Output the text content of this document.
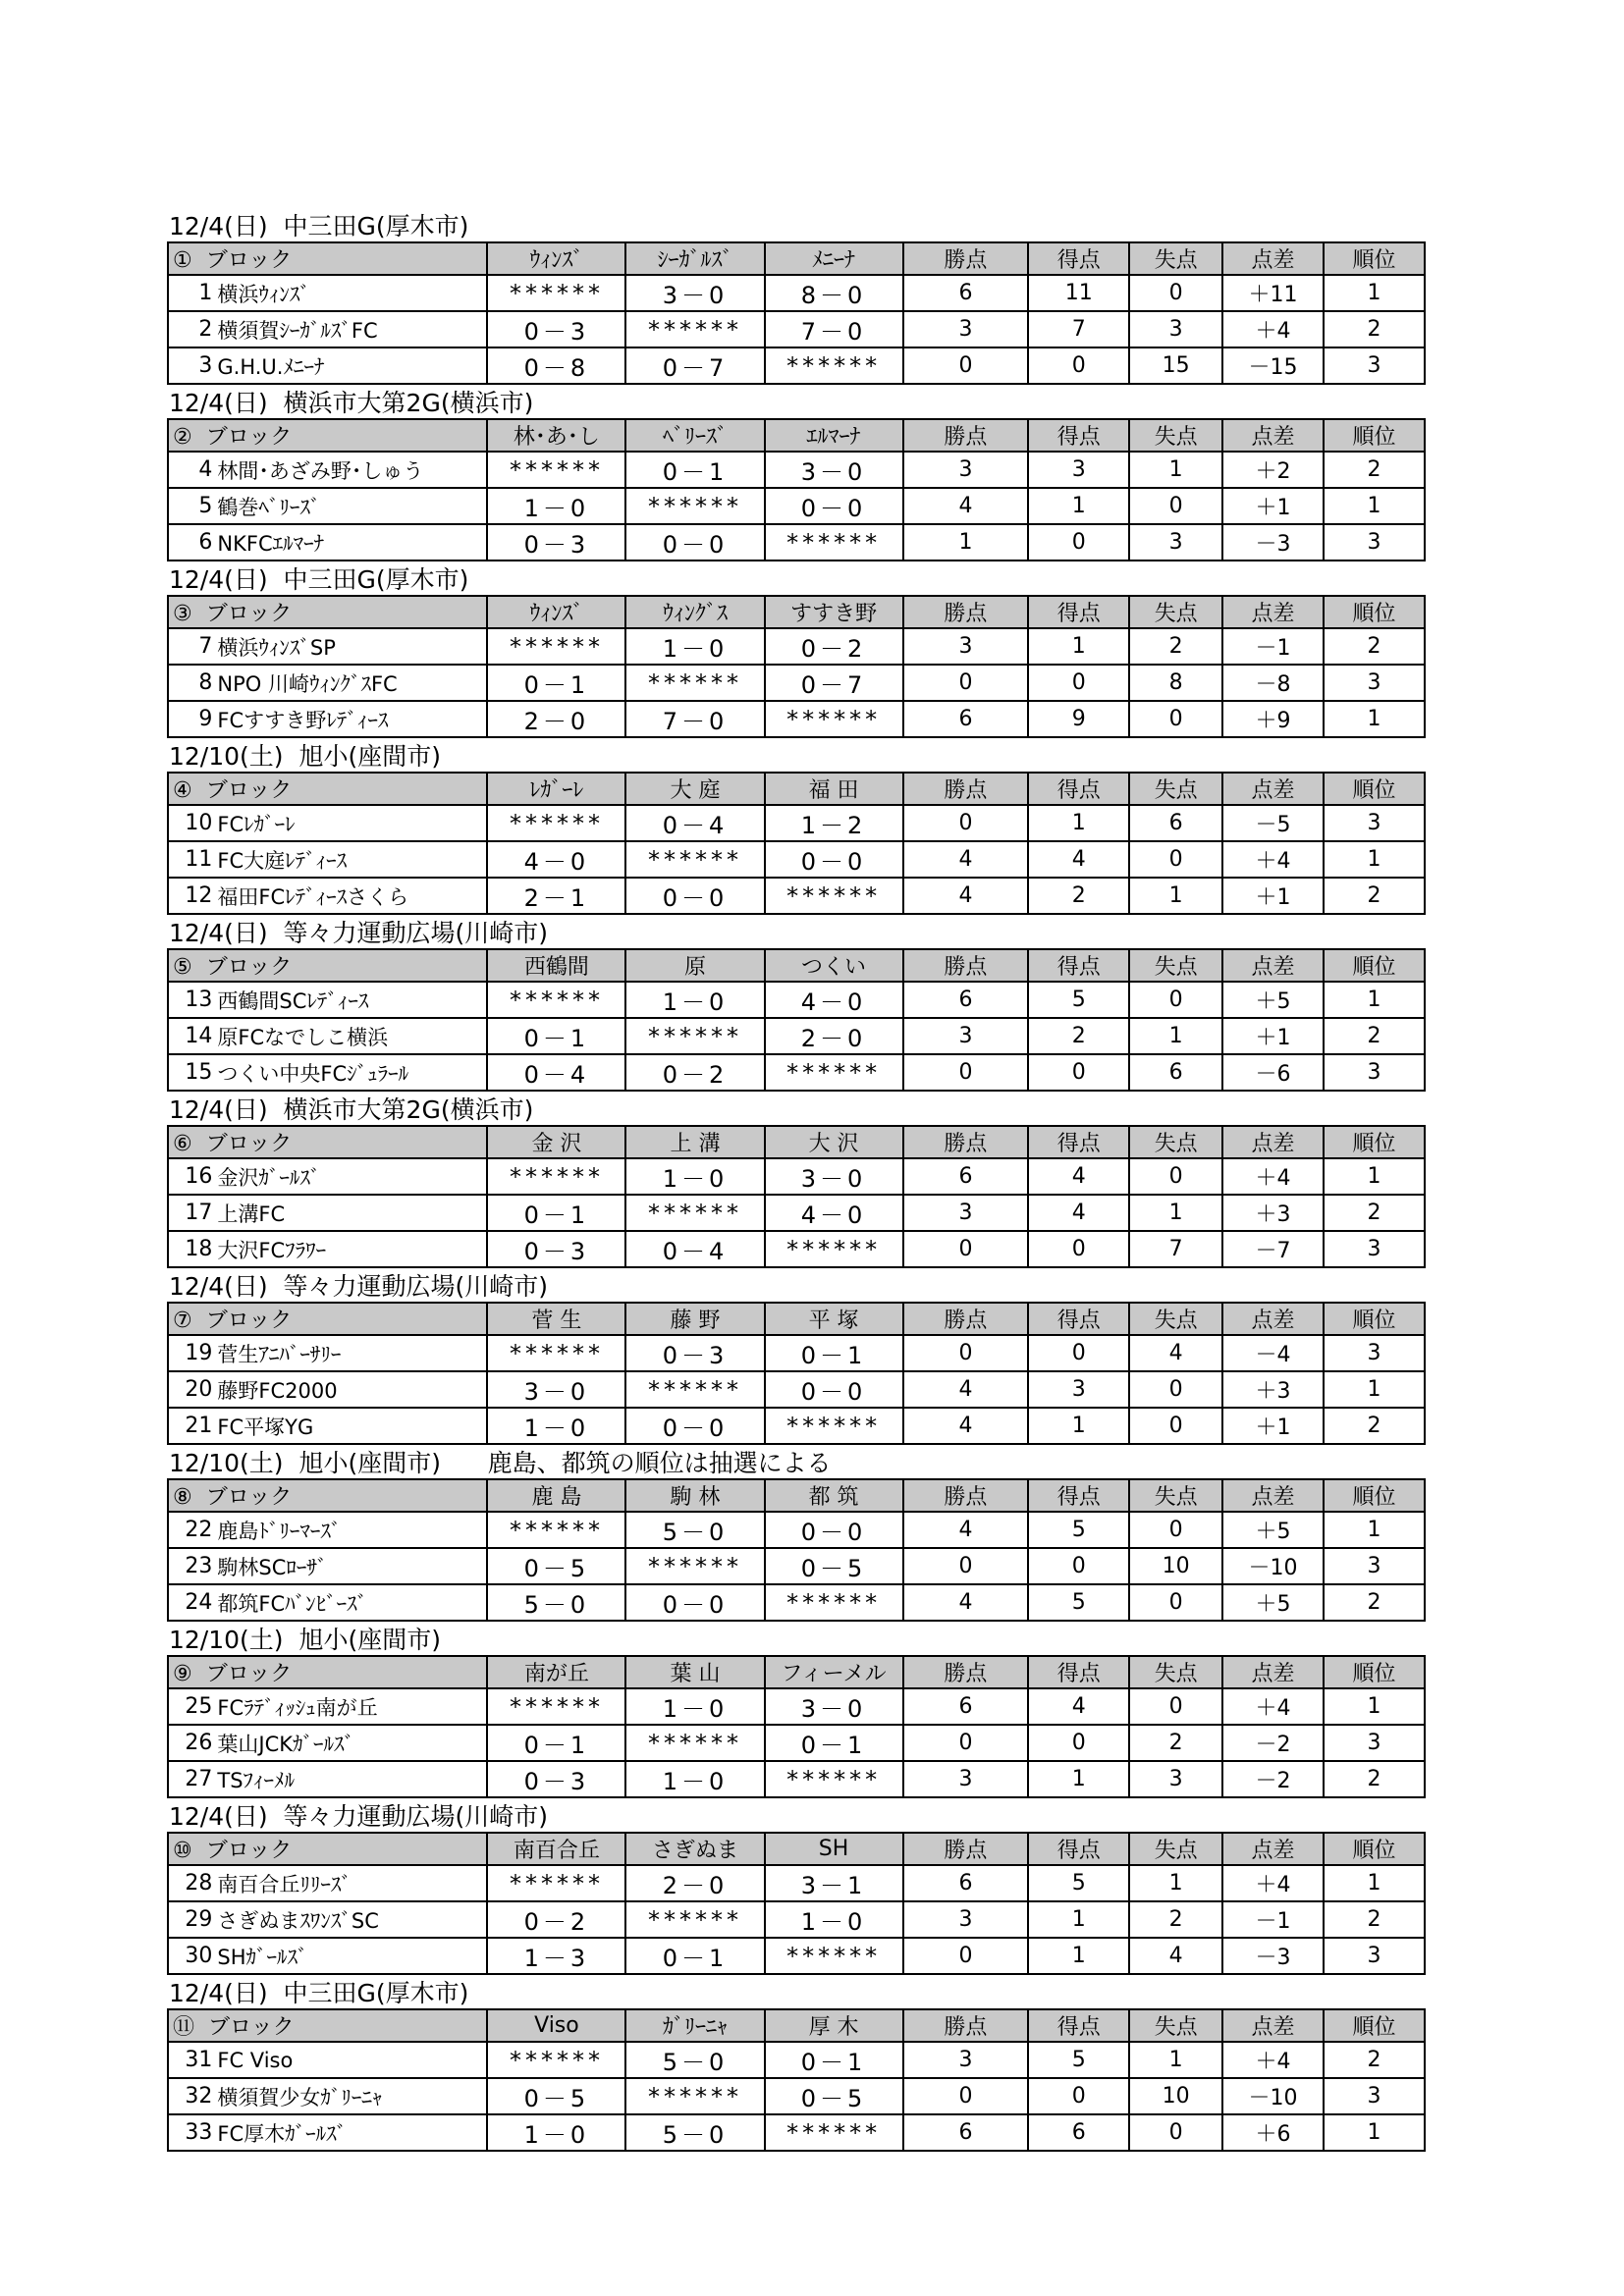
12/4(日)  中三田G(厚木市)
① ブロック		ｳｨﾝｽﾞ	ｼｰｶﾞﾙｽﾞ	ﾒﾆｰﾅ	勝点	得点	失点	点差	順位
1	横浜ｳｨﾝｽﾞ	******	3－0	8－0	6	11	0	＋11	1
2	横須賀ｼｰｶﾞﾙｽﾞFC	0－3	******	7－0	3	7	3	＋4	2
3	G.H.U.ﾒﾆｰﾅ	0－8	0－7	******	0	0	15	－15	3
12/4(日)  横浜市大第2G(横浜市)
② ブロック		林･あ･し	ﾍﾞﾘｰｽﾞ	ｴﾙﾏｰﾅ	勝点	得点	失点	点差	順位
4	林間･あざみ野･しゅう	******	0－1	3－0	3	3	1	＋2	2
5	鶴巻ﾍﾞﾘｰｽﾞ	1－0	******	0－0	4	1	0	＋1	1
6	NKFCｴﾙﾏｰﾅ	0－3	0－0	******	1	0	3	－3	3
12/4(日)  中三田G(厚木市)
③ ブロック		ｳｨﾝｽﾞ	ｳｨﾝｸﾞｽ	すすき野	勝点	得点	失点	点差	順位
7	横浜ｳｨﾝｽﾞSP	******	1－0	0－2	3	1	2	－1	2
8	NPO 川崎ｳｨﾝｸﾞｽFC	0－1	******	0－7	0	0	8	－8	3
9	FCすすき野ﾚﾃﾞｨｰｽ	2－0	7－0	******	6	9	0	＋9	1
12/10(土)  旭小(座間市)
④ ブロック		ﾚｶﾞｰﾚ	大 庭	福 田	勝点	得点	失点	点差	順位
10	FCﾚｶﾞｰﾚ	******	0－4	1－2	0	1	6	－5	3
11	FC大庭ﾚﾃﾞｨｰｽ	4－0	******	0－0	4	4	0	＋4	1
12	福田FCﾚﾃﾞｨｰｽさくら	2－1	0－0	******	4	2	1	＋1	2
12/4(日)  等々力運動広場(川崎市)
⑤ ブロック		西鶴間	原	つくい	勝点	得点	失点	点差	順位
13	西鶴間SCﾚﾃﾞｨｰｽ	******	1－0	4－0	6	5	0	＋5	1
14	原FCなでしこ横浜	0－1	******	2－0	3	2	1	＋1	2
15	つくい中央FCｼﾞｭﾗｰﾙ	0－4	0－2	******	0	0	6	－6	3
12/4(日)  横浜市大第2G(横浜市)
⑥ ブロック		金 沢	上 溝	大 沢	勝点	得点	失点	点差	順位
16	金沢ｶﾞｰﾙｽﾞ	******	1－0	3－0	6	4	0	＋4	1
17	上溝FC	0－1	******	4－0	3	4	1	＋3	2
18	大沢FCﾌﾗﾜｰ	0－3	0－4	******	0	0	7	－7	3
12/4(日)  等々力運動広場(川崎市)
⑦ ブロック		菅 生	藤 野	平 塚	勝点	得点	失点	点差	順位
19	菅生ｱﾆﾊﾞｰｻﾘｰ	******	0－3	0－1	0	0	4	－4	3
20	藤野FC2000	3－0	******	0－0	4	3	0	＋3	1
21	FC平塚YG	1－0	0－0	******	4	1	0	＋1	2
12/10(土)  旭小(座間市) 鹿島、都筑の順位は抽選による
⑧ ブロック		鹿 島	駒 林	都 筑	勝点	得点	失点	点差	順位
22	鹿島ﾄﾞﾘｰﾏｰｽﾞ	******	5－0	0－0	4	5	0	＋5	1
23	駒林SCﾛｰｻﾞ	0－5	******	0－5	0	0	10	－10	3
24	都筑FCﾊﾞﾝﾋﾞｰｽﾞ	5－0	0－0	******	4	5	0	＋5	2
12/10(土)  旭小(座間市)
⑨ ブロック		南が丘	葉 山	フィーメル	勝点	得点	失点	点差	順位
25	FCﾗﾃﾞｨｯｼｭ南が丘	******	1－0	3－0	6	4	0	＋4	1
26	葉山JCKｶﾞｰﾙｽﾞ	0－1	******	0－1	0	0	2	－2	3
27	TSﾌｨｰﾒﾙ	0－3	1－0	******	3	1	3	－2	2
12/4(日)  等々力運動広場(川崎市)
⑩ ブロック		南百合丘	さぎぬま	SH	勝点	得点	失点	点差	順位
28	南百合丘ﾘﾘｰｽﾞ	******	2－0	3－1	6	5	1	＋4	1
29	さぎぬまｽﾜﾝｽﾞSC	0－2	******	1－0	3	1	2	－1	2
30	SHｶﾞｰﾙｽﾞ	1－3	0－1	******	0	1	4	－3	3
12/4(日)  中三田G(厚木市)
⑪ ブロック		Viso	ｶﾞﾘｰﾆｬ	厚 木	勝点	得点	失点	点差	順位
31	FC Viso	******	5－0	0－1	3	5	1	＋4	2
32	横須賀少女ｶﾞﾘｰﾆｬ	0－5	******	0－5	0	0	10	－10	3
33	FC厚木ｶﾞｰﾙｽﾞ	1－0	5－0	******	6	6	0	＋6	1
